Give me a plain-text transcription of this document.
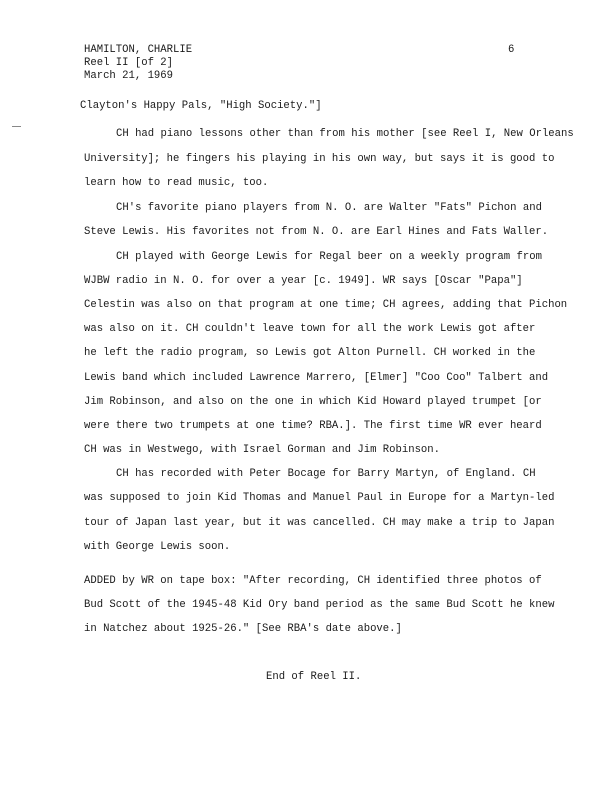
HAMILTON, CHARLIE
Reel II [of 2]
March 21, 1969
6
Clayton's Happy Pals, "High Society."]
CH had piano lessons other than from his mother [see Reel I, New Orleans
University]; he fingers his playing in his own way, but says it is good to
learn how to read music, too.
CH's favorite piano players from N. O. are Walter "Fats" Pichon and
Steve Lewis. His favorites not from N. O. are Earl Hines and Fats Waller.
CH played with George Lewis for Regal beer on a weekly program from
WJBW radio in N. O. for over a year [c. 1949]. WR says [Oscar "Papa"]
Celestin was also on that program at one time; CH agrees, adding that Pichon
was also on it. CH couldn't leave town for all the work Lewis got after
he left the radio program, so Lewis got Alton Purnell. CH worked in the
Lewis band which included Lawrence Marrero, [Elmer] "Coo Coo" Talbert and
Jim Robinson, and also on the one in which Kid Howard played trumpet [or
were there two trumpets at one time? RBA.]. The first time WR ever heard
CH was in Westwego, with Israel Gorman and Jim Robinson.
CH has recorded with Peter Bocage for Barry Martyn, of England. CH
was supposed to join Kid Thomas and Manuel Paul in Europe for a Martyn-led
tour of Japan last year, but it was cancelled. CH may make a trip to Japan
with George Lewis soon.
ADDED by WR on tape box: "After recording, CH identified three photos of
Bud Scott of the 1945-48 Kid Ory band period as the same Bud Scott he knew
in Natchez about 1925-26." [See RBA's date above.]
End of Reel II.
